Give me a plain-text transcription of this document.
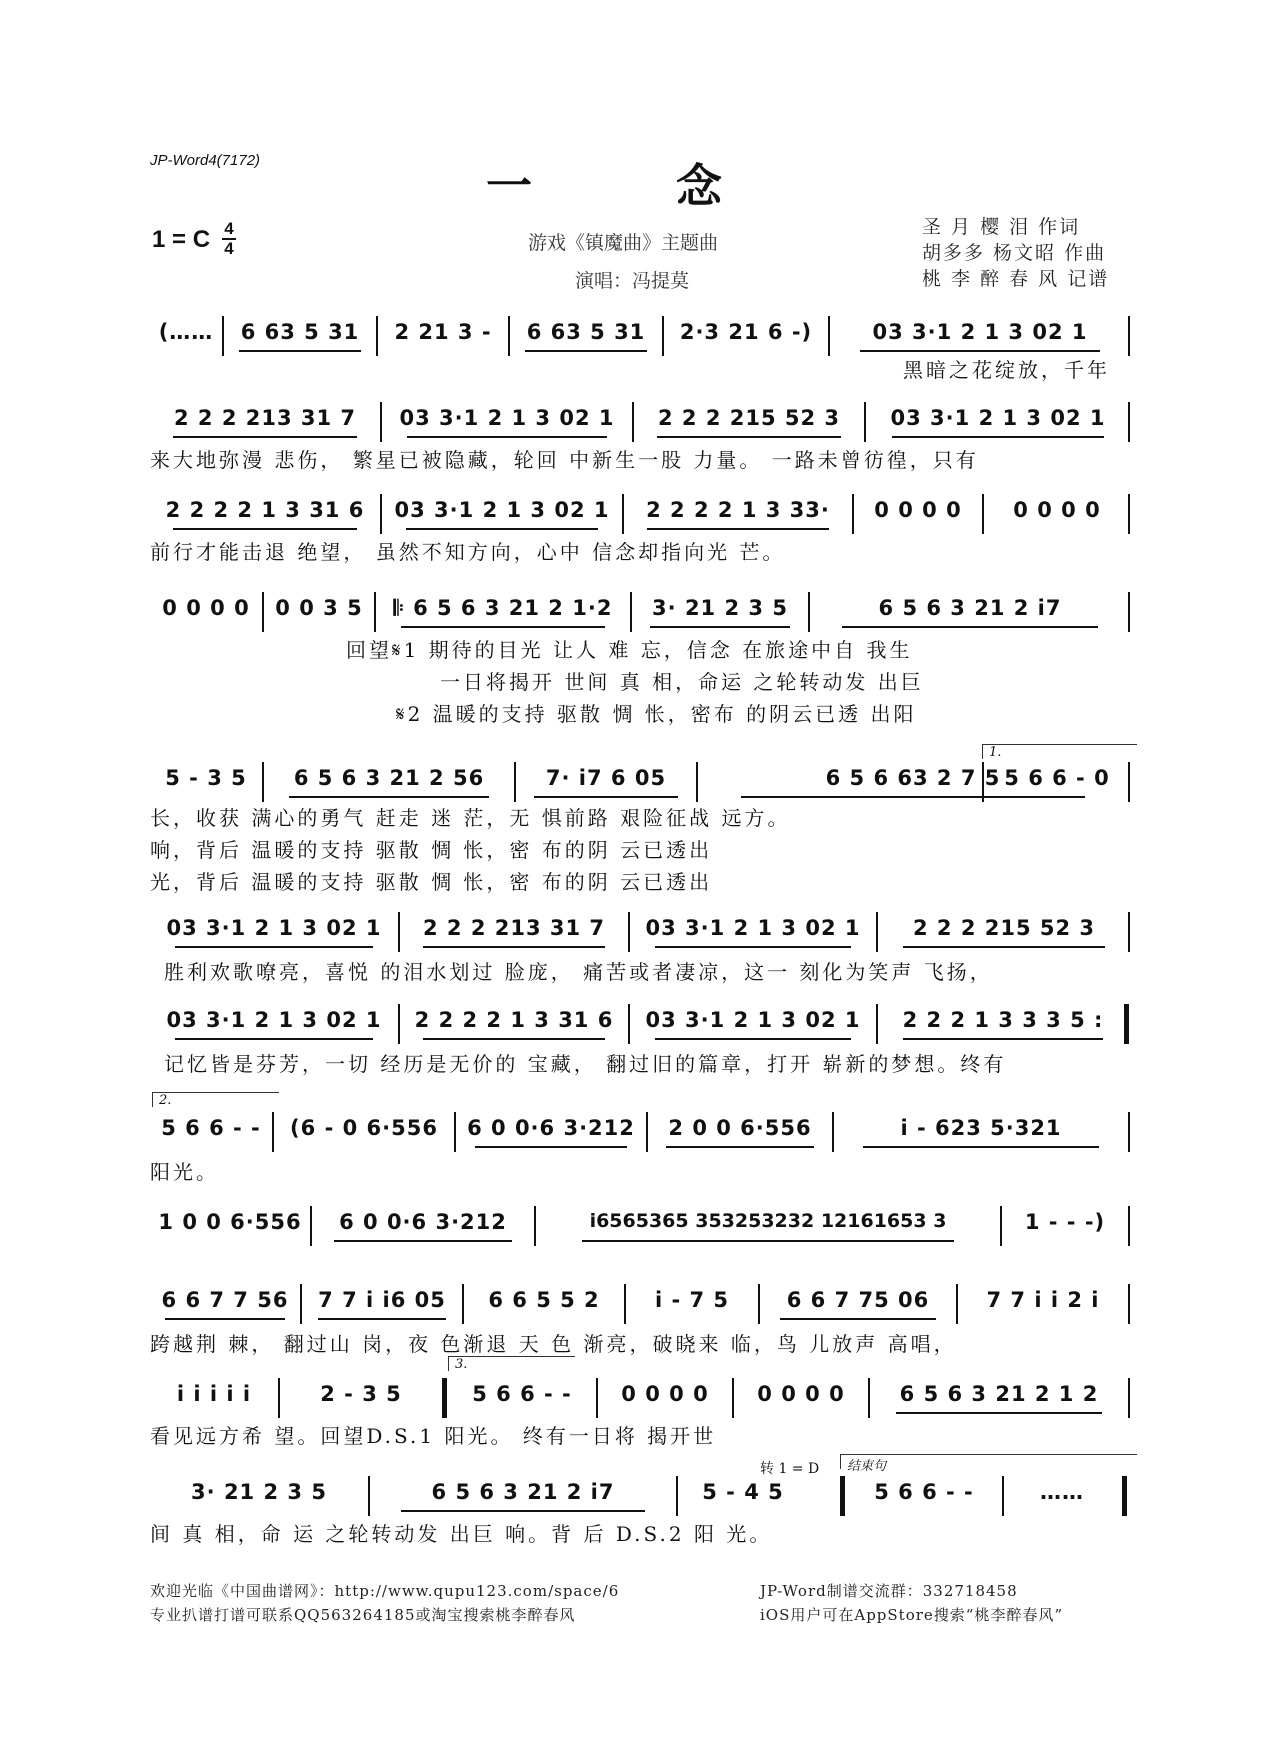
JP-Word4(7172)	一 念
1 = C 4
4	游戏《镇魔曲》主题曲
演唱：冯提莫
圣 月 樱 泪 作词
胡多多 杨文昭 作曲
桃 李 醉 春 风 记谱
(……	6 63 5 31	2 21 3 -	6 63 5 31	2·3 21 6 -)	03 3·1 2 1 3 02 1
黑暗之花绽放，千年
2 2 2 213 31 7	03 3·1 2 1 3 02 1	2 2 2 215 52 3	03 3·1 2 1 3 02 1
来大地弥漫 悲伤， 繁星已被隐藏，轮回 中新生一股 力量。 一路未曾彷徨，只有
2 2 2 2 1 3 31 6	03 3·1 2 1 3 02 1	2 2 2 2 1 3 33·	0 0 0 0	0 0 0 0
前行才能击退 绝望， 虽然不知方向，心中 信念却指向光 芒。
0 0 0 0	0 0 3 5	𝄆 6 5 6 3 21 2 1·2	3· 21 2 3 5	6 5 6 3 21 2 i7
回望𝄋1 期待的目光 让人 难 忘，信念 在旅途中自 我生
一日将揭开 世间 真 相，命运 之轮转动发 出巨
𝄋2 温暖的支持 驱散 惆 怅，密布 的阴云已透 出阳
1.
5 - 3 5	6 5 6 3 21 2 56	7· i7 6 05	6 5 6 63 2 7 5 5 6 6 - 0
长，收获 满心的勇气 赶走 迷 茫，无 惧前路 艰险征战 远方。
响，背后 温暖的支持 驱散 惆 怅，密 布的阴 云已透出
光，背后 温暖的支持 驱散 惆 怅，密 布的阴 云已透出
03 3·1 2 1 3 02 1	2 2 2 213 31 7	03 3·1 2 1 3 02 1	2 2 2 215 52 3
胜利欢歌嘹亮，喜悦 的泪水划过 脸庞， 痛苦或者凄凉，这一 刻化为笑声 飞扬，
03 3·1 2 1 3 02 1	2 2 2 2 1 3 31 6	03 3·1 2 1 3 02 1	2 2 2 1 3 3 3 5 :
记忆皆是芬芳，一切 经历是无价的 宝藏， 翻过旧的篇章，打开 崭新的梦想。终有
2.
5 6 6 - -	(6 - 0 6·556	6 0 0·6 3·212	2 0 0 6·556	i - 623 5·321
阳光。
1 0 0 6·556	6 0 0·6 3·212	i6565365 353253232 12161653 3	1 - - -)
6 6 7 7 56	7 7 i i6 05	6 6 5 5 2	i - 7 5	6 6 7 75 06	7 7 i i 2 i
跨越荆 棘， 翻过山 岗，夜 色渐退 天 色 渐亮，破晓来 临，鸟 儿放声 高唱，
3.
i i i i i	2 - 3 5	5 6 6 - -	0 0 0 0	0 0 0 0	6 5 6 3 21 2 1 2
看见远方希 望。回望D.S.1 阳光。 终有一日将 揭开世
转 1 = D	结束句
3· 21 2 3 5	6 5 6 3 21 2 i7	5 - 4 5	5 6 6 - -	……
间 真 相，命 运 之轮转动发 出巨 响。背 后 D.S.2 阳 光。
欢迎光临《中国曲谱网》：http://www.qupu123.com/space/6
专业扒谱打谱可联系QQ563264185或淘宝搜索桃李醉春风
JP-Word制谱交流群：332718458
iOS用户可在AppStore搜索“桃李醉春风”
